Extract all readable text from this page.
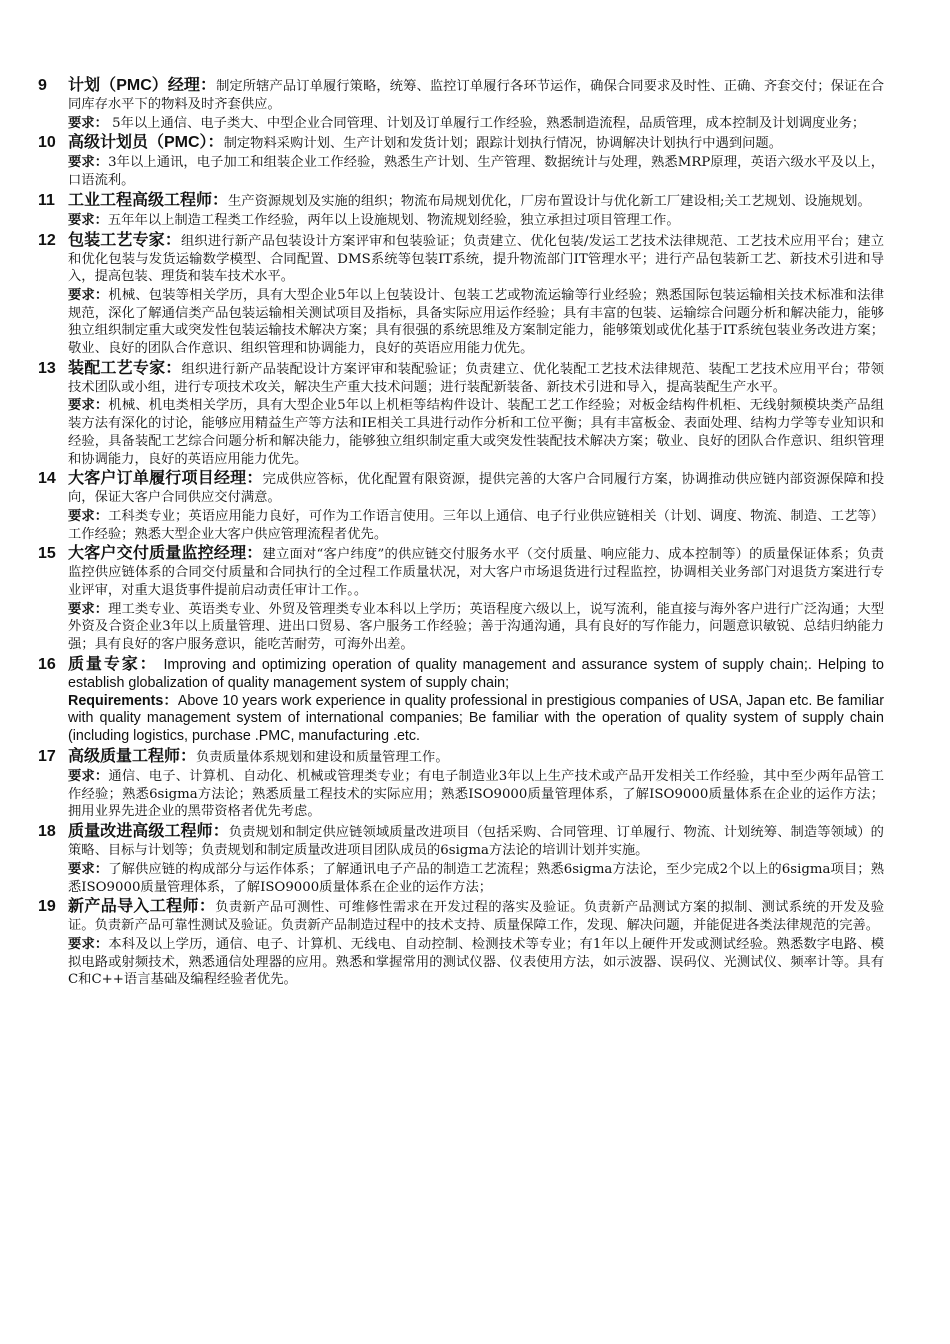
9	计划（PMC）经理：制定所辖产品订单履行策略，统筹、监控订单履行各环节运作，确保合同要求及时性、正确、齐套交付；保证在合同库存水平下的物料及时齐套供应。
要求： 5年以上通信、电子类大、中型企业合同管理、计划及订单履行工作经验，熟悉制造流程，品质管理，成本控制及计划调度业务；
10 高级计划员（PMC）：制定物料采购计划、生产计划和发货计划；跟踪计划执行情况，协调解决计划执行中遇到问题。
要求：3年以上通讯，电子加工和组装企业工作经验，熟悉生产计划、生产管理、数据统计与处理，熟悉MRP原理，英语六级水平及以上，口语流利。
11 工业工程高级工程师：生产资源规划及实施的组织；物流布局规划优化，厂房布置设计与优化新工厂建设相;关工艺规划、设施规划。
要求：五年年以上制造工程类工作经验，两年以上设施规划、物流规划经验，独立承担过项目管理工作。
12 包装工艺专家：组织进行新产品包装设计方案评审和包装验证；负责建立、优化包装/发运工艺技术法律规范、工艺技术应用平台；建立和优化包装与发货运输数学模型、合同配置、DMS系统等包装IT系统，提升物流部门IT管理水平；进行产品包装新工艺、新技术引进和导入，提高包装、理货和装车技术水平。
要求：机械、包装等相关学历，具有大型企业5年以上包装设计、包装工艺或物流运输等行业经验；熟悉国际包装运输相关技术标准和法律规范，深化了解通信类产品包装运输相关测试项目及指标，具备实际应用运作经验；具有丰富的包装、运输综合问题分析和解决能力，能够独立组织制定重大或突发性包装运输技术解决方案；具有很强的系统思维及方案制定能力，能够策划或优化基于IT系统包装业务改进方案；敬业、良好的团队合作意识、组织管理和协调能力，良好的英语应用能力优先。
13 装配工艺专家：组织进行新产品装配设计方案评审和装配验证；负责建立、优化装配工艺技术法律规范、装配工艺技术应用平台；带领技术团队或小组，进行专项技术攻关，解决生产重大技术问题；进行装配新装备、新技术引进和导入，提高装配生产水平。
要求：机械、机电类相关学历，具有大型企业5年以上机柜等结构件设计、装配工艺工作经验；对板金结构件机柜、无线射频模块类产品组装方法有深化的讨论，能够应用精益生产等方法和IE相关工具进行动作分析和工位平衡；具有丰富板金、表面处理、结构力学等专业知识和经验，具备装配工艺综合问题分析和解决能力，能够独立组织制定重大或突发性装配技术解决方案；敬业、良好的团队合作意识、组织管理和协调能力，良好的英语应用能力优先。
14 大客户订单履行项目经理：完成供应答标，优化配置有限资源，提供完善的大客户合同履行方案，协调推动供应链内部资源保障和投向，保证大客户合同供应交付满意。
要求：工科类专业；英语应用能力良好，可作为工作语言使用。三年以上通信、电子行业供应链相关（计划、调度、物流、制造、工艺等）工作经验；熟悉大型企业大客户供应管理流程者优先。
15 大客户交付质量监控经理：建立面对“客户纬度”的供应链交付服务水平（交付质量、响应能力、成本控制等）的质量保证体系；负责监控供应链体系的合同交付质量和合同执行的全过程工作质量状况，对大客户市场退货进行过程监控，协调相关业务部门对退货方案进行专业评审，对重大退货事件提前启动责任审计工作。。
要求：理工类专业、英语类专业、外贸及管理类专业本科以上学历；英语程度六级以上，说写流利，能直接与海外客户进行广泛沟通；大型外资及合资企业3年以上质量管理、进出口贸易、客户服务工作经验；善于沟通沟通，具有良好的写作能力，问题意识敏锐、总结归纳能力强；具有良好的客户服务意识，能吃苦耐劳，可海外出差。
16 质量专家： Improving and optimizing operation of quality management and assurance system of supply chain;. Helping to establish globalization of quality management system of supply chain;
Requirements：Above 10 years work experience in quality professional in prestigious companies of USA, Japan etc. Be familiar with quality management system of international companies; Be familiar with the operation of quality system of supply chain (including logistics, purchase .PMC, manufacturing .etc.
17 高级质量工程师：负责质量体系规划和建设和质量管理工作。
要求：通信、电子、计算机、自动化、机械或管理类专业；有电子制造业3年以上生产技术或产品开发相关工作经验，其中至少两年品管工作经验；熟悉6sigma方法论；熟悉质量工程技术的实际应用；熟悉ISO9000质量管理体系，了解ISO9000质量体系在企业的运作方法；拥用业界先进企业的黑带资格者优先考虑。
18 质量改进高级工程师：负责规划和制定供应链领域质量改进项目（包括采购、合同管理、订单履行、物流、计划统筹、制造等领域）的策略、目标与计划等；负责规划和制定质量改进项目团队成员的6sigma方法论的培训计划并实施。
要求：了解供应链的构成部分与运作体系；了解通讯电子产品的制造工艺流程；熟悉6sigma方法论，至少完成2个以上的6sigma项目；熟悉ISO9000质量管理体系，了解ISO9000质量体系在企业的运作方法；
19 新产品导入工程师：负责新产品可测性、可维修性需求在开发过程的落实及验证。负责新产品测试方案的拟制、测试系统的开发及验证。负责新产品可靠性测试及验证。负责新产品制造过程中的技术支持、质量保障工作，发现、解决问题，并能促进各类法律规范的完善。
要求：本科及以上学历，通信、电子、计算机、无线电、自动控制、检测技术等专业；有1年以上硬件开发或测试经验。熟悉数字电路、模拟电路或射频技术，熟悉通信处理器的应用。熟悉和掌握常用的测试仪器、仪表使用方法，如示波器、误码仪、光测试仪、频率计等。具有C和C++语言基础及编程经验者优先。
